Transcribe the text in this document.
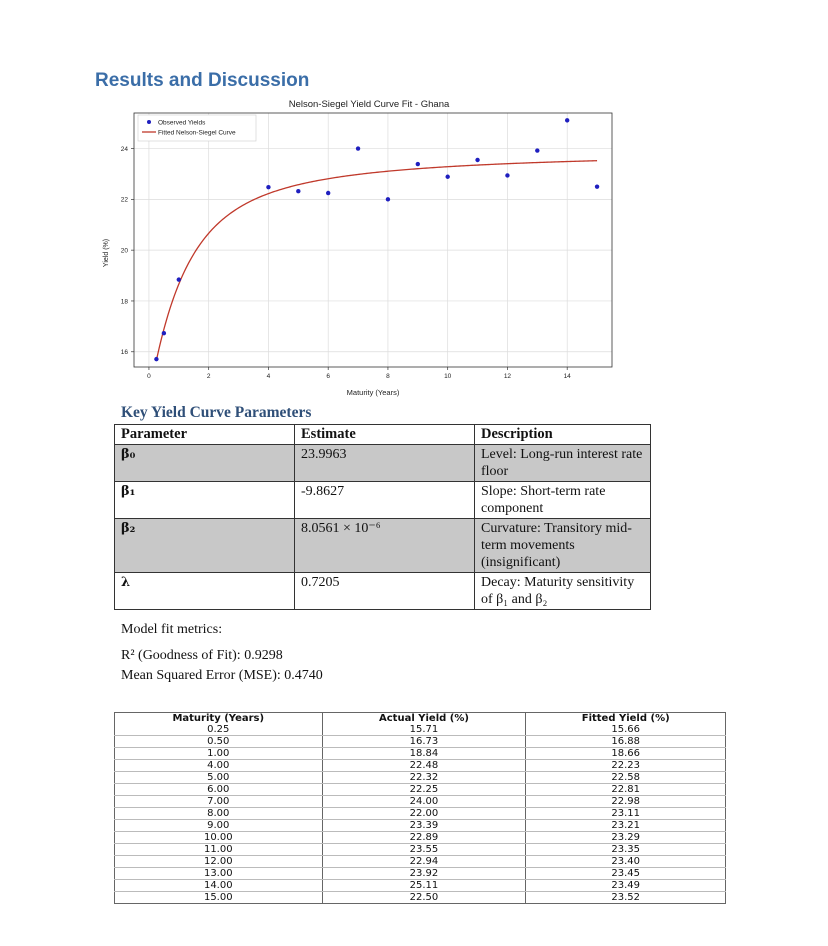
Results and Discussion
Nelson-Siegel Yield Curve Fit - Ghana
0	2	4	6	8	10	12	14
16
18
20
22
24
Maturity (Years)
Yield (%)
Observed Yields
Fitted Nelson-Siegel Curve
Key Yield Curve Parameters
Parameter	Estimate	Description
β₀	23.9963	Level: Long-run interest rate floor
β₁	-9.8627	Slope: Short-term rate component
β₂	8.0561 × 10⁻⁶	Curvature: Transitory mid-term movements (insignificant)
λ	0.7205	Decay: Maturity sensitivity of β₁ and β₂
Model fit metrics:
R² (Goodness of Fit): 0.9298
Mean Squared Error (MSE): 0.4740
Maturity (Years)	Actual Yield (%)	Fitted Yield (%)
0.25	15.71	15.66
0.50	16.73	16.88
1.00	18.84	18.66
4.00	22.48	22.23
5.00	22.32	22.58
6.00	22.25	22.81
7.00	24.00	22.98
8.00	22.00	23.11
9.00	23.39	23.21
10.00	22.89	23.29
11.00	23.55	23.35
12.00	22.94	23.40
13.00	23.92	23.45
14.00	25.11	23.49
15.00	22.50	23.52
